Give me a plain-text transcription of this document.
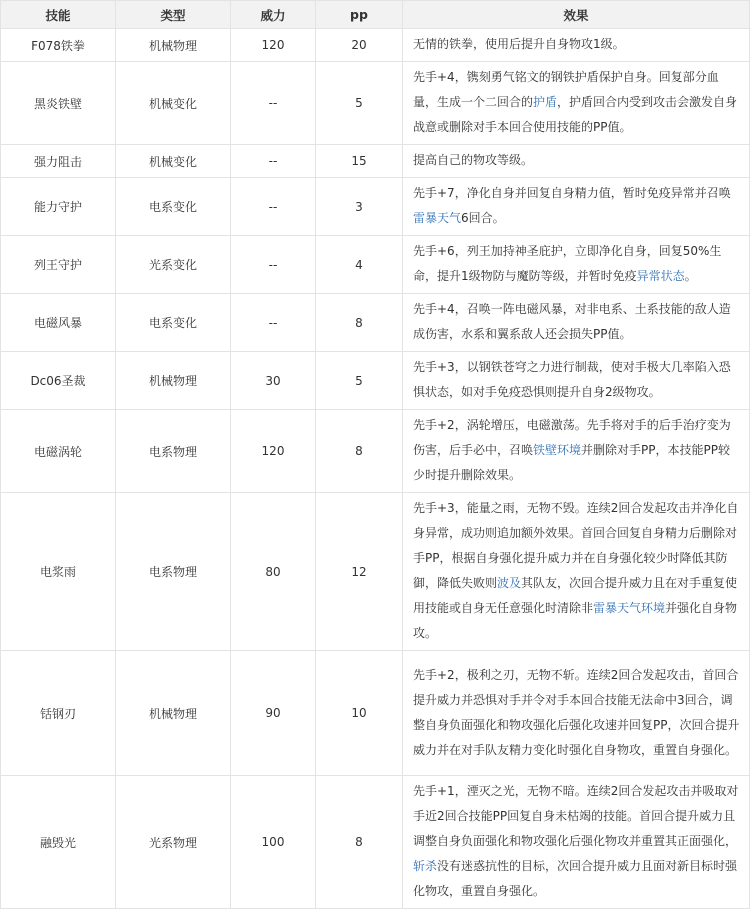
技能	类型	威力	pp	效果
F078铁拳	机械物理	120	20	无情的铁拳，使用后提升自身物攻1级。
黑炎铁壁	机械变化	--	5	先手+4，镌刻勇气铭文的钢铁护盾保护自身。回复部分血量，生成一个二回合的护盾，护盾回合内受到攻击会激发自身战意或删除对手本回合使用技能的PP值。
强力阻击	机械变化	--	15	提高自己的物攻等级。
能力守护	电系变化	--	3	先手+7，净化自身并回复自身精力值，暂时免疫异常并召唤雷暴天气6回合。
列王守护	光系变化	--	4	先手+6，列王加持神圣庇护，立即净化自身，回复50%生命，提升1级物防与魔防等级，并暂时免疫异常状态。
电磁风暴	电系变化	--	8	先手+4，召唤一阵电磁风暴，对非电系、土系技能的敌人造成伤害，水系和翼系敌人还会损失PP值。
Dc06圣裁	机械物理	30	5	先手+3，以钢铁苍穹之力进行制裁，使对手极大几率陷入恐惧状态，如对手免疫恐惧则提升自身2级物攻。
电磁涡轮	电系物理	120	8	先手+2，涡轮增压，电磁激荡。先手将对手的后手治疗变为伤害，后手必中，召唤铁壁环境并删除对手PP，本技能PP较少时提升删除效果。
电浆雨	电系物理	80	12	先手+3，能量之雨，无物不毁。连续2回合发起攻击并净化自身异常，成功则追加额外效果。首回合回复自身精力后删除对手PP，根据自身强化提升威力并在自身强化较少时降低其防御，降低失败则波及其队友，次回合提升威力且在对手重复使用技能或自身无任意强化时清除非雷暴天气环境并强化自身物攻。
铦钢刃	机械物理	90	10	先手+2，极利之刃，无物不斩。连续2回合发起攻击，首回合提升威力并恐惧对手并令对手本回合技能无法命中3回合，调整自身负面强化和物攻强化后强化攻速并回复PP，次回合提升威力并在对手队友精力变化时强化自身物攻，重置自身强化。
融毁光	光系物理	100	8	先手+1，湮灭之光，无物不暗。连续2回合发起攻击并吸取对手近2回合技能PP回复自身未枯竭的技能。首回合提升威力且调整自身负面强化和物攻强化后强化物攻并重置其正面强化，斩杀没有迷惑抗性的目标，次回合提升威力且面对新目标时强化物攻，重置自身强化。
